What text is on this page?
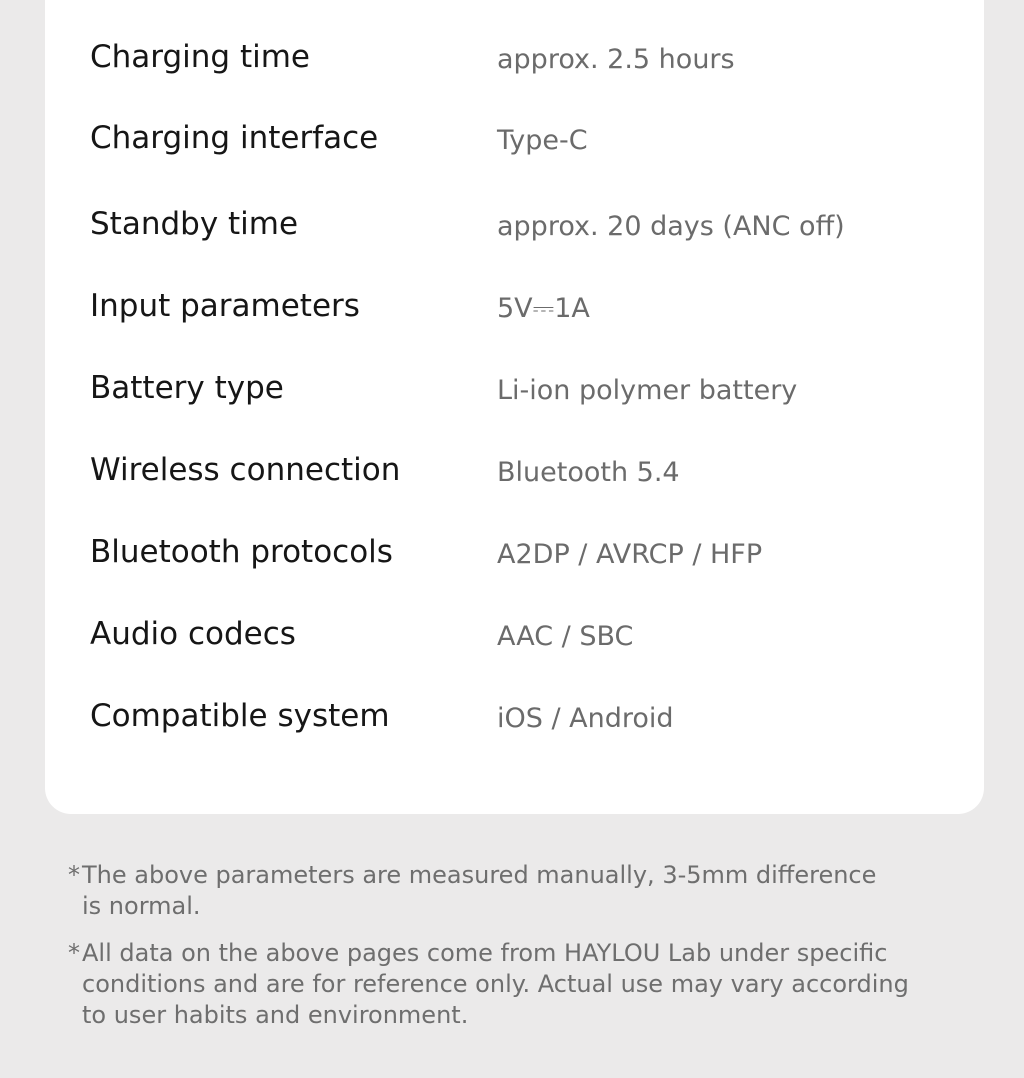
Charging time	approx. 2.5 hours
Charging interface	Type-C
Standby time	approx. 20 days (ANC off)
Input parameters	5V⎓1A
Battery type	Li-ion polymer battery
Wireless connection	Bluetooth 5.4
Bluetooth protocols	A2DP / AVRCP / HFP
Audio codecs	AAC / SBC
Compatible system	iOS / Android
* The above parameters are measured manually, 3-5mm difference
is normal.
* All data on the above pages come from HAYLOU Lab under specific
conditions and are for reference only. Actual use may vary according
to user habits and environment.
